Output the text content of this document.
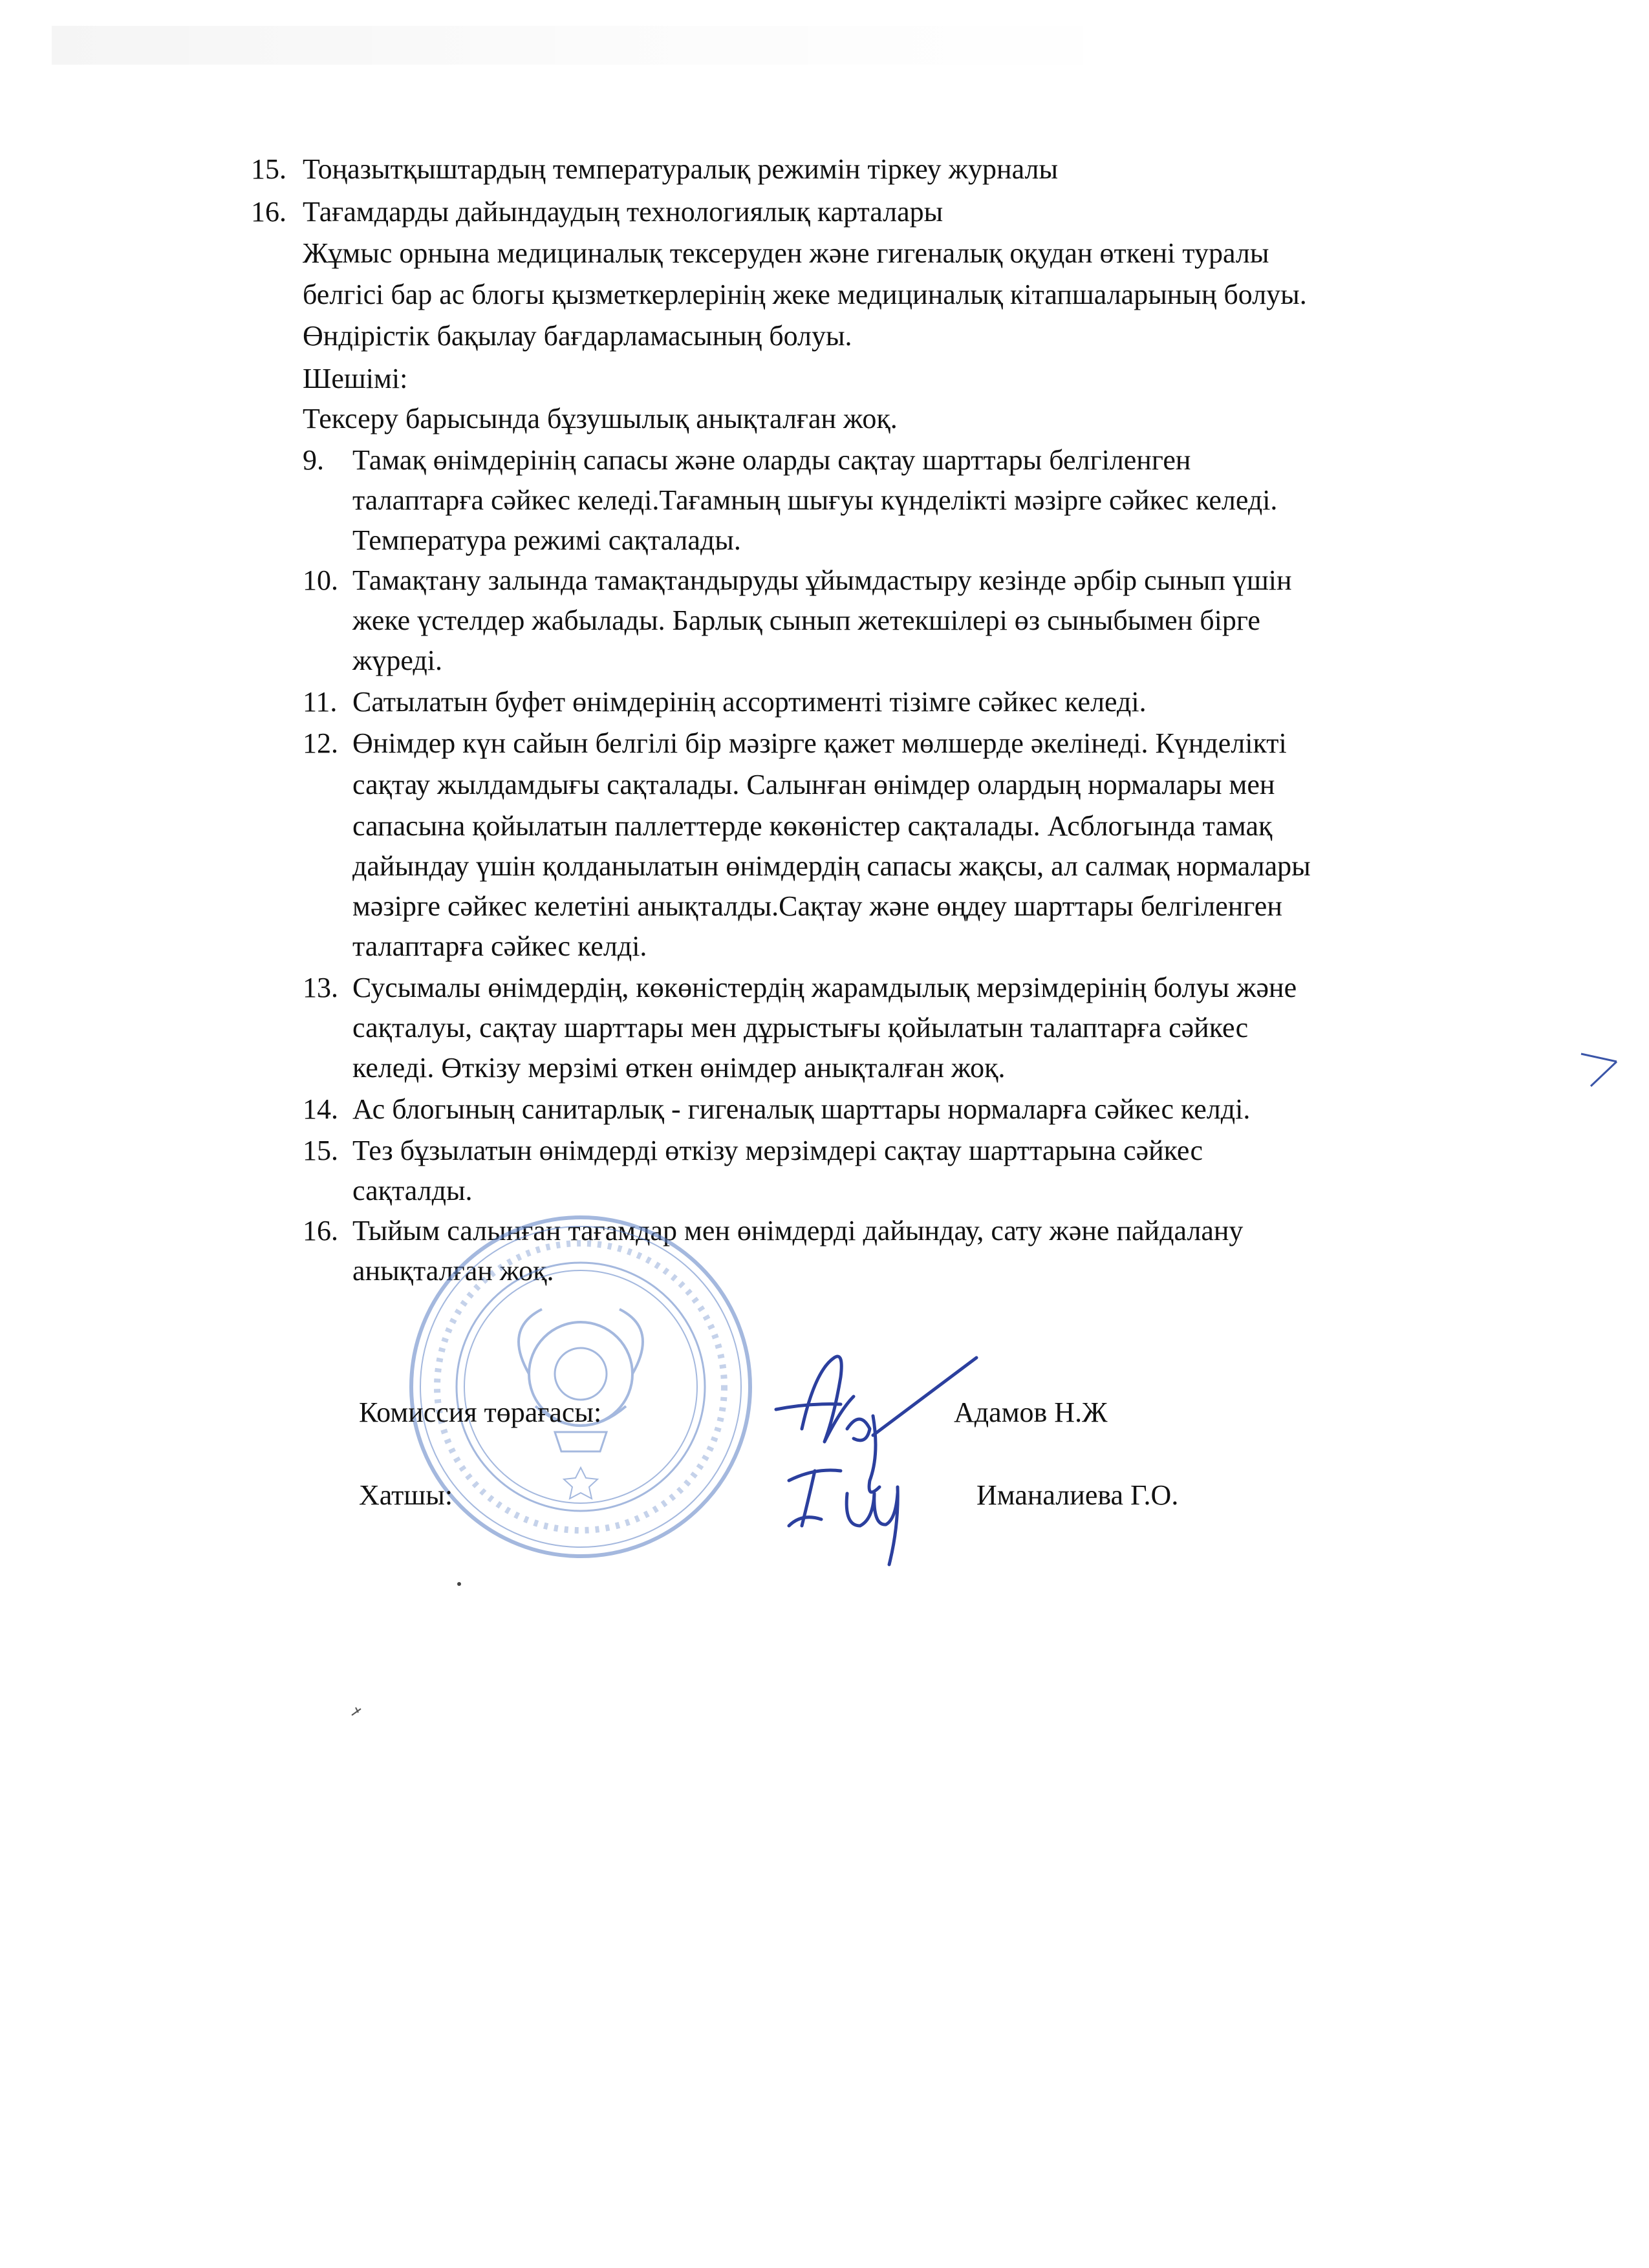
15. Тоңазытқыштардың температуралық режимін тіркеу журналы
16. Тағамдарды дайындаудың технологиялық карталары
Жұмыс орнына медициналық тексеруден және гигеналық оқудан өткені туралы
белгісі бар ас блогы қызметкерлерінің жеке медициналық кітапшаларының болуы.
Өндірістік бақылау бағдарламасының болуы.
Шешімі:
Тексеру барысында бұзушылық анықталған жоқ.
9. Тамақ өнімдерінің сапасы және оларды сақтау шарттары белгіленген
талаптарға сәйкес келеді.Тағамның шығуы күнделікті мәзірге сәйкес келеді.
Температура режимі сақталады.
10. Тамақтану залында тамақтандыруды ұйымдастыру кезінде әрбір сынып үшін
жеке үстелдер жабылады. Барлық сынып жетекшілері өз сыныбымен бірге
жүреді.
11. Сатылатын буфет өнімдерінің ассортименті тізімге сәйкес келеді.
12. Өнімдер күн сайын белгілі бір мәзірге қажет мөлшерде әкелінеді. Күнделікті
сақтау жылдамдығы сақталады. Салынған өнімдер олардың нормалары мен
сапасына қойылатын паллеттерде көкөністер сақталады. Асблогында тамақ
дайындау үшін қолданылатын өнімдердің сапасы жақсы, ал салмақ нормалары
мәзірге сәйкес келетіні анықталды.Сақтау және өңдеу шарттары белгіленген
талаптарға сәйкес келді.
13. Сусымалы өнімдердің, көкөністердің жарамдылық мерзімдерінің болуы және
сақталуы, сақтау шарттары мен дұрыстығы қойылатын талаптарға сәйкес
келеді. Өткізу мерзімі өткен өнімдер анықталған жоқ.
14. Ас блогының санитарлық - гигеналық шарттары нормаларға сәйкес келді.
15. Тез бұзылатын өнімдерді өткізу мерзімдері сақтау шарттарына сәйкес
сақталды.
16. Тыйым салынған тағамдар мен өнімдерді дайындау, сату және пайдалану
анықталған жоқ.
Комиссия төрағасы:	Адамов Н.Ж
Хатшы:	Иманалиева Г.О.
